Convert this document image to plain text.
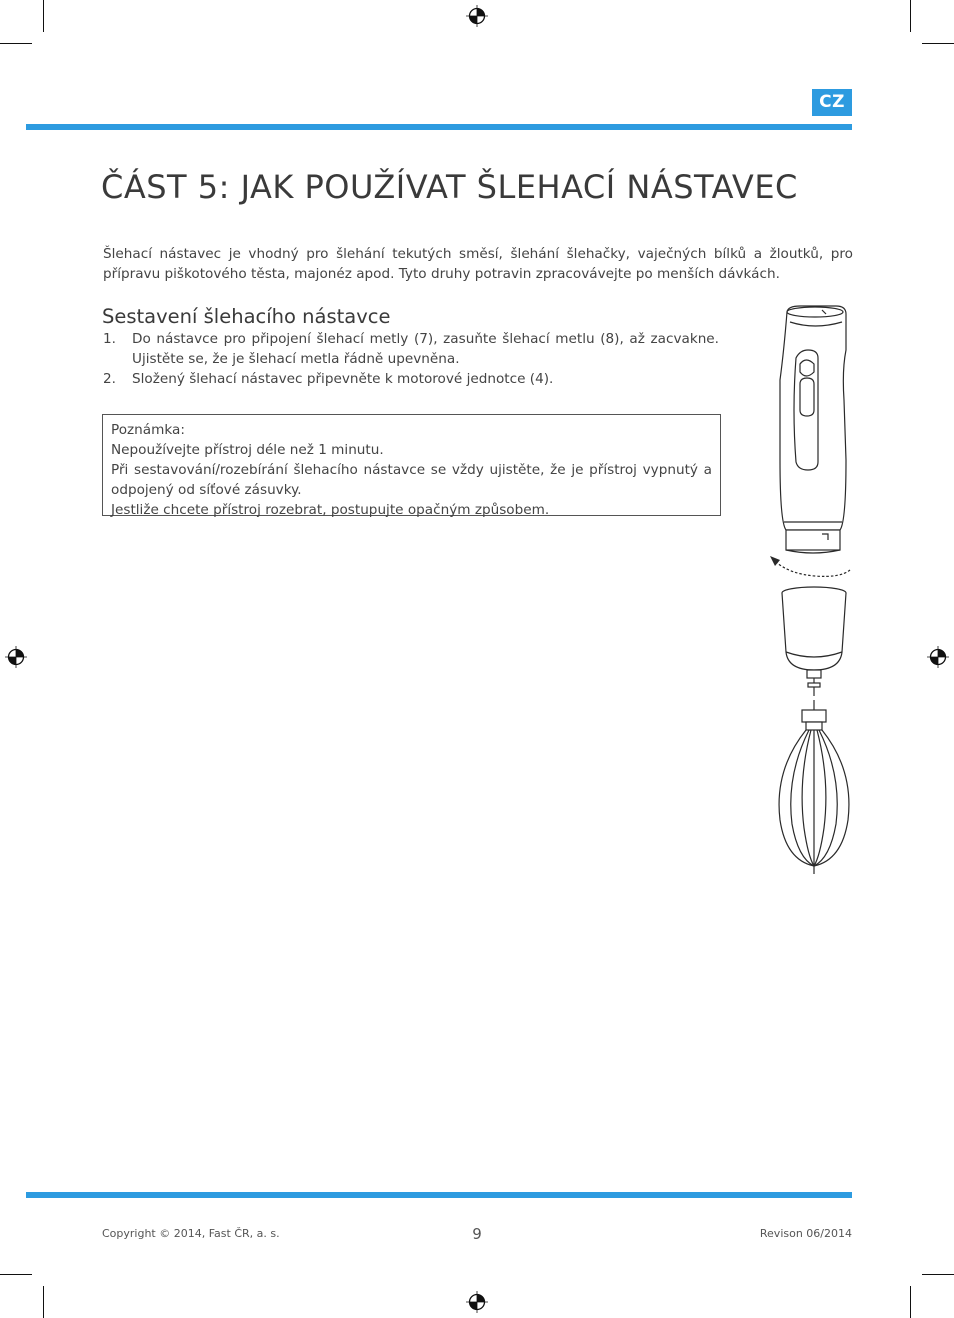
CZ
ČÁST 5: JAK POUŽÍVAT ŠLEHACÍ NÁSTAVEC

Šlehací nástavec je vhodný pro šlehání tekutých směsí, šlehání šlehačky, vaječných bílků a žloutků, pro přípravu piškotového těsta, majonéz apod. Tyto druhy potravin zpracovávejte po menších dávkách.

Sestavení šlehacího nástavce
1. Do nástavce pro připojení šlehací metly (7), zasuňte šlehací metlu (8), až zacvakne. Ujistěte se, že je šlehací metla řádně upevněna.
2. Složený šlehací nástavec připevněte k motorové jednotce (4).

Poznámka:

Nepoužívejte přístroj déle než 1 minutu.

Při sestavování/rozebírání šlehacího nástavce se vždy ujistěte, že je přístroj vypnutý a odpojený od síťové zásuvky.

Jestliže chcete přístroj rozebrat, postupujte opačným způsobem.

Copyright © 2014, Fast ČR, a. s.	9	Revison 06/2014
